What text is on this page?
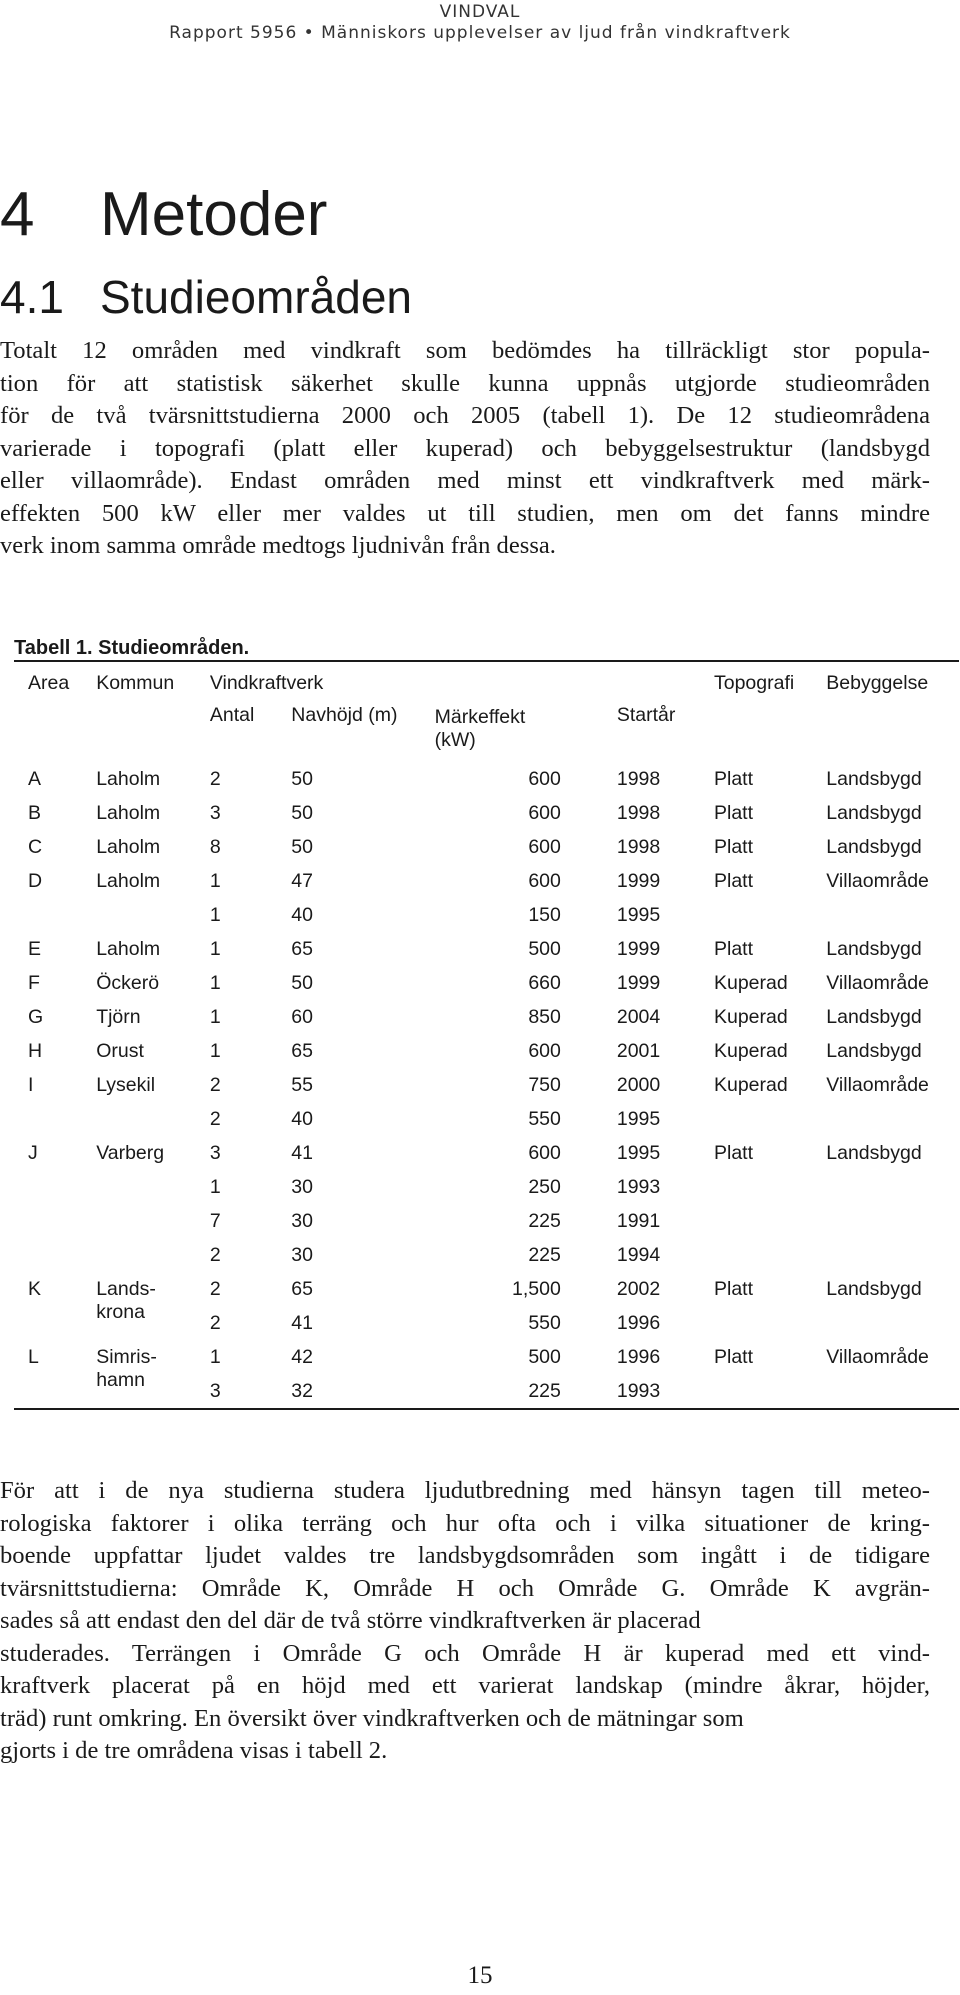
VINDVAL
Rapport 5956 • Människors upplevelser av ljud från vindkraftverk
4 Metoder
4.1 Studieområden

Totalt 12 områden med vindkraft som bedömdes ha tillräckligt stor popula-
tion för att statistisk säkerhet skulle kunna uppnås utgjorde studieområden
för de två tvärsnittstudierna 2000 och 2005 (tabell 1). De 12 studieområdena
varierade i topografi (platt eller kuperad) och bebyggelsestruktur (landsbygd
eller villaområde). Endast områden med minst ett vindkraftverk med märk-
effekten 500 kW eller mer valdes ut till studien, men om det fanns mindre
verk inom samma område medtogs ljudnivån från dessa.

Tabell 1. Studieområden.
Area	Kommun	Vindkraftverk				Topografi	Bebyggelse
		Antal	Navhöjd (m)	Märkeffekt
(kW)	Startår		
A	Laholm	2	50	600	1998	Platt	Landsbygd
B	Laholm	3	50	600	1998	Platt	Landsbygd
C	Laholm	8	50	600	1998	Platt	Landsbygd
D	Laholm	1	47	600	1999	Platt	Villaområde
		1	40	150	1995		
E	Laholm	1	65	500	1999	Platt	Landsbygd
F	Öckerö	1	50	660	1999	Kuperad	Villaområde
G	Tjörn	1	60	850	2004	Kuperad	Landsbygd
H	Orust	1	65	600	2001	Kuperad	Landsbygd
I	Lysekil	2	55	750	2000	Kuperad	Villaområde
		2	40	550	1995		
J	Varberg	3	41	600	1995	Platt	Landsbygd
		1	30	250	1993		
		7	30	225	1991		
		2	30	225	1994		
K	Lands-
krona	2	65	1,500	2002	Platt	Landsbygd
		2	41	550	1996		
L	Simris-
hamn	1	42	500	1996	Platt	Villaområde
		3	32	225	1993		

För att i de nya studierna studera ljudutbredning med hänsyn tagen till meteo-
rologiska faktorer i olika terräng och hur ofta och i vilka situationer de kring-
boende uppfattar ljudet valdes tre landsbygdsområden som ingått i de tidigare
tvärsnittstudierna: Område K, Område H och Område G. Område K avgrän-
sades så att endast den del där de två större vindkraftverken är placerad
studerades. Terrängen i Område G och Område H är kuperad med ett vind-
kraftverk placerat på en höjd med ett varierat landskap (mindre åkrar, höjder,
träd) runt omkring. En översikt över vindkraftverken och de mätningar som
gjorts i de tre områdena visas i tabell 2.

15
